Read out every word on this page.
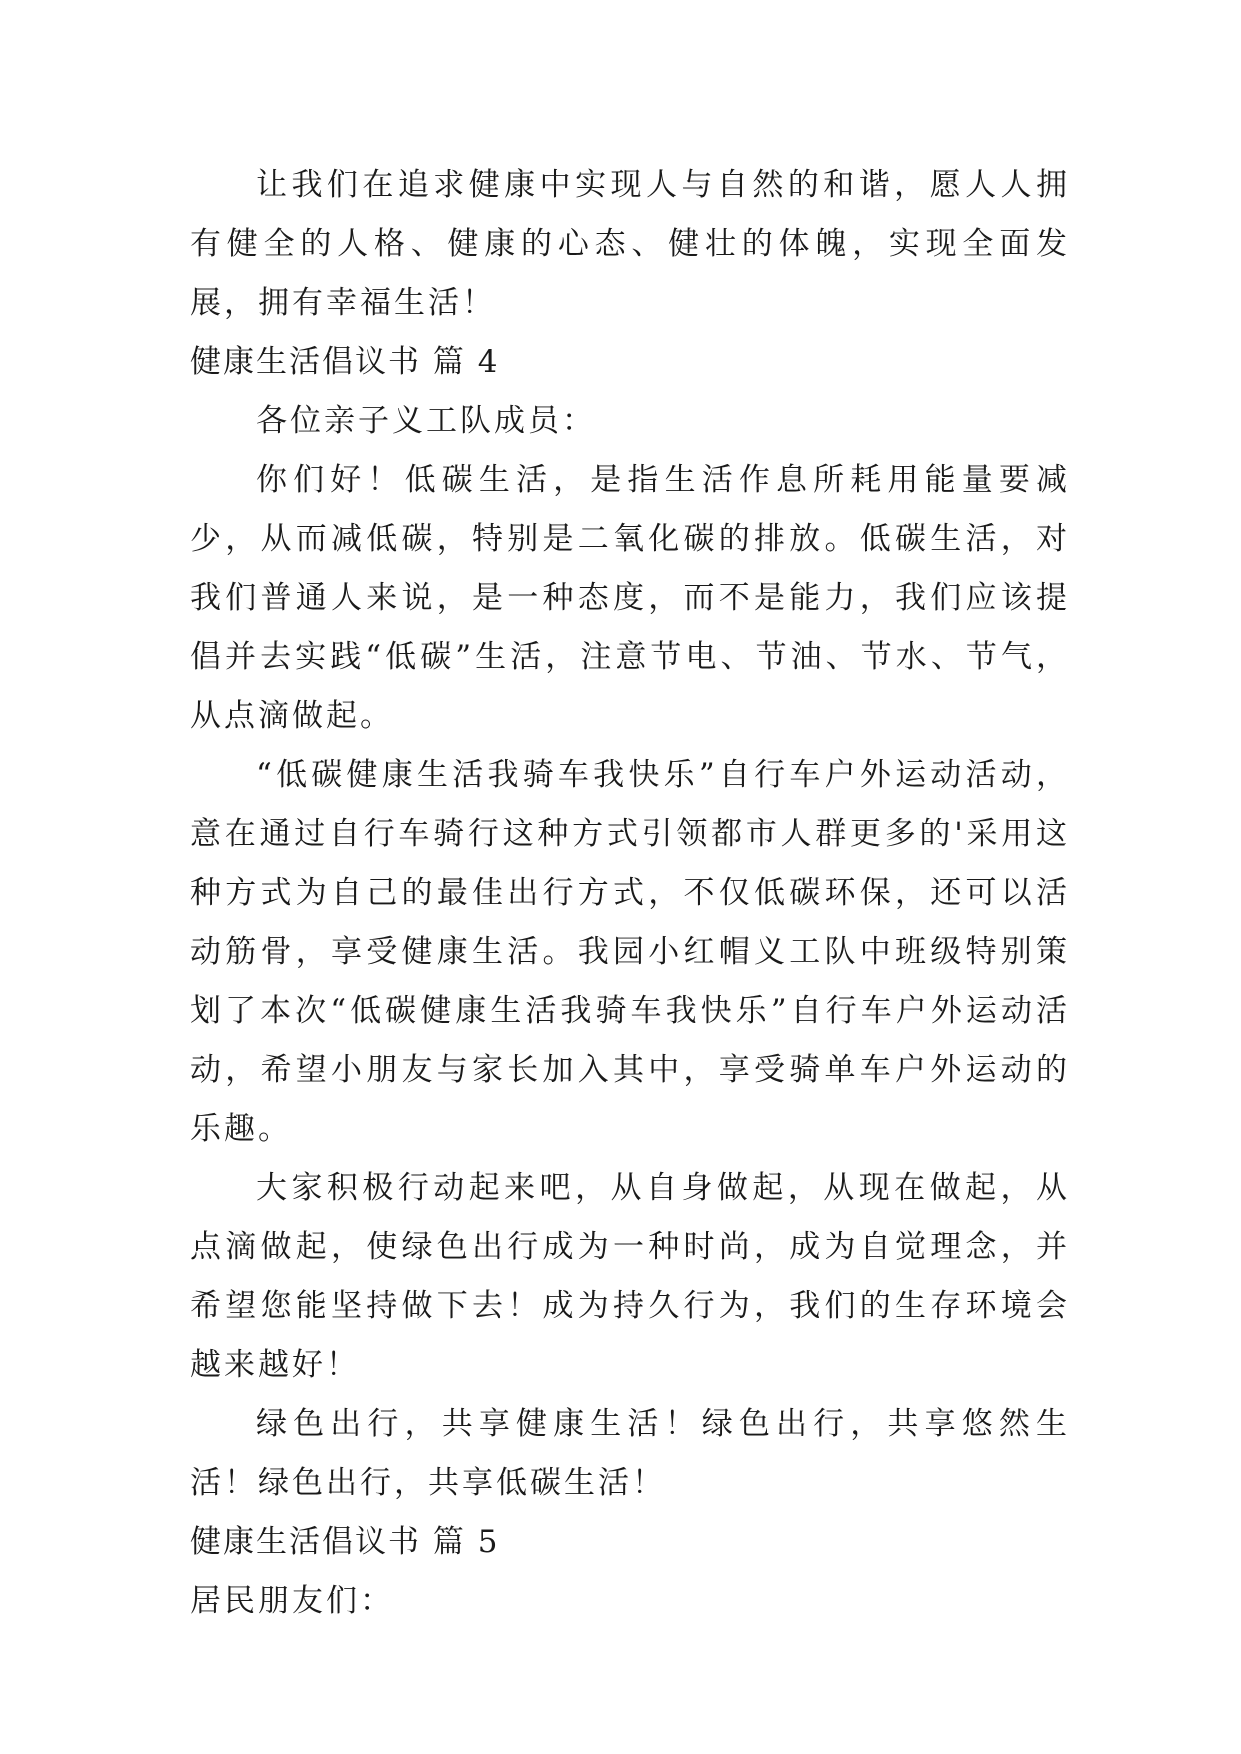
让我们在追求健康中实现人与自然的和谐，愿人人拥有健全的人格、健康的心态、健壮的体魄，实现全面发展，拥有幸福生活！

健康生活倡议书 篇 4

各位亲子义工队成员：

你们好！低碳生活，是指生活作息所耗用能量要减少，从而减低碳，特别是二氧化碳的排放。低碳生活，对我们普通人来说，是一种态度，而不是能力，我们应该提倡并去实践“低碳”生活，注意节电、节油、节水、节气，从点滴做起。

“低碳健康生活我骑车我快乐”自行车户外运动活动，意在通过自行车骑行这种方式引领都市人群更多的'采用这种方式为自己的最佳出行方式，不仅低碳环保，还可以活动筋骨，享受健康生活。我园小红帽义工队中班级特别策划了本次“低碳健康生活我骑车我快乐”自行车户外运动活动，希望小朋友与家长加入其中，享受骑单车户外运动的乐趣。

大家积极行动起来吧，从自身做起，从现在做起，从点滴做起，使绿色出行成为一种时尚，成为自觉理念，并希望您能坚持做下去！成为持久行为，我们的生存环境会越来越好！

绿色出行，共享健康生活！绿色出行，共享悠然生活！绿色出行，共享低碳生活！

健康生活倡议书 篇 5

居民朋友们：
